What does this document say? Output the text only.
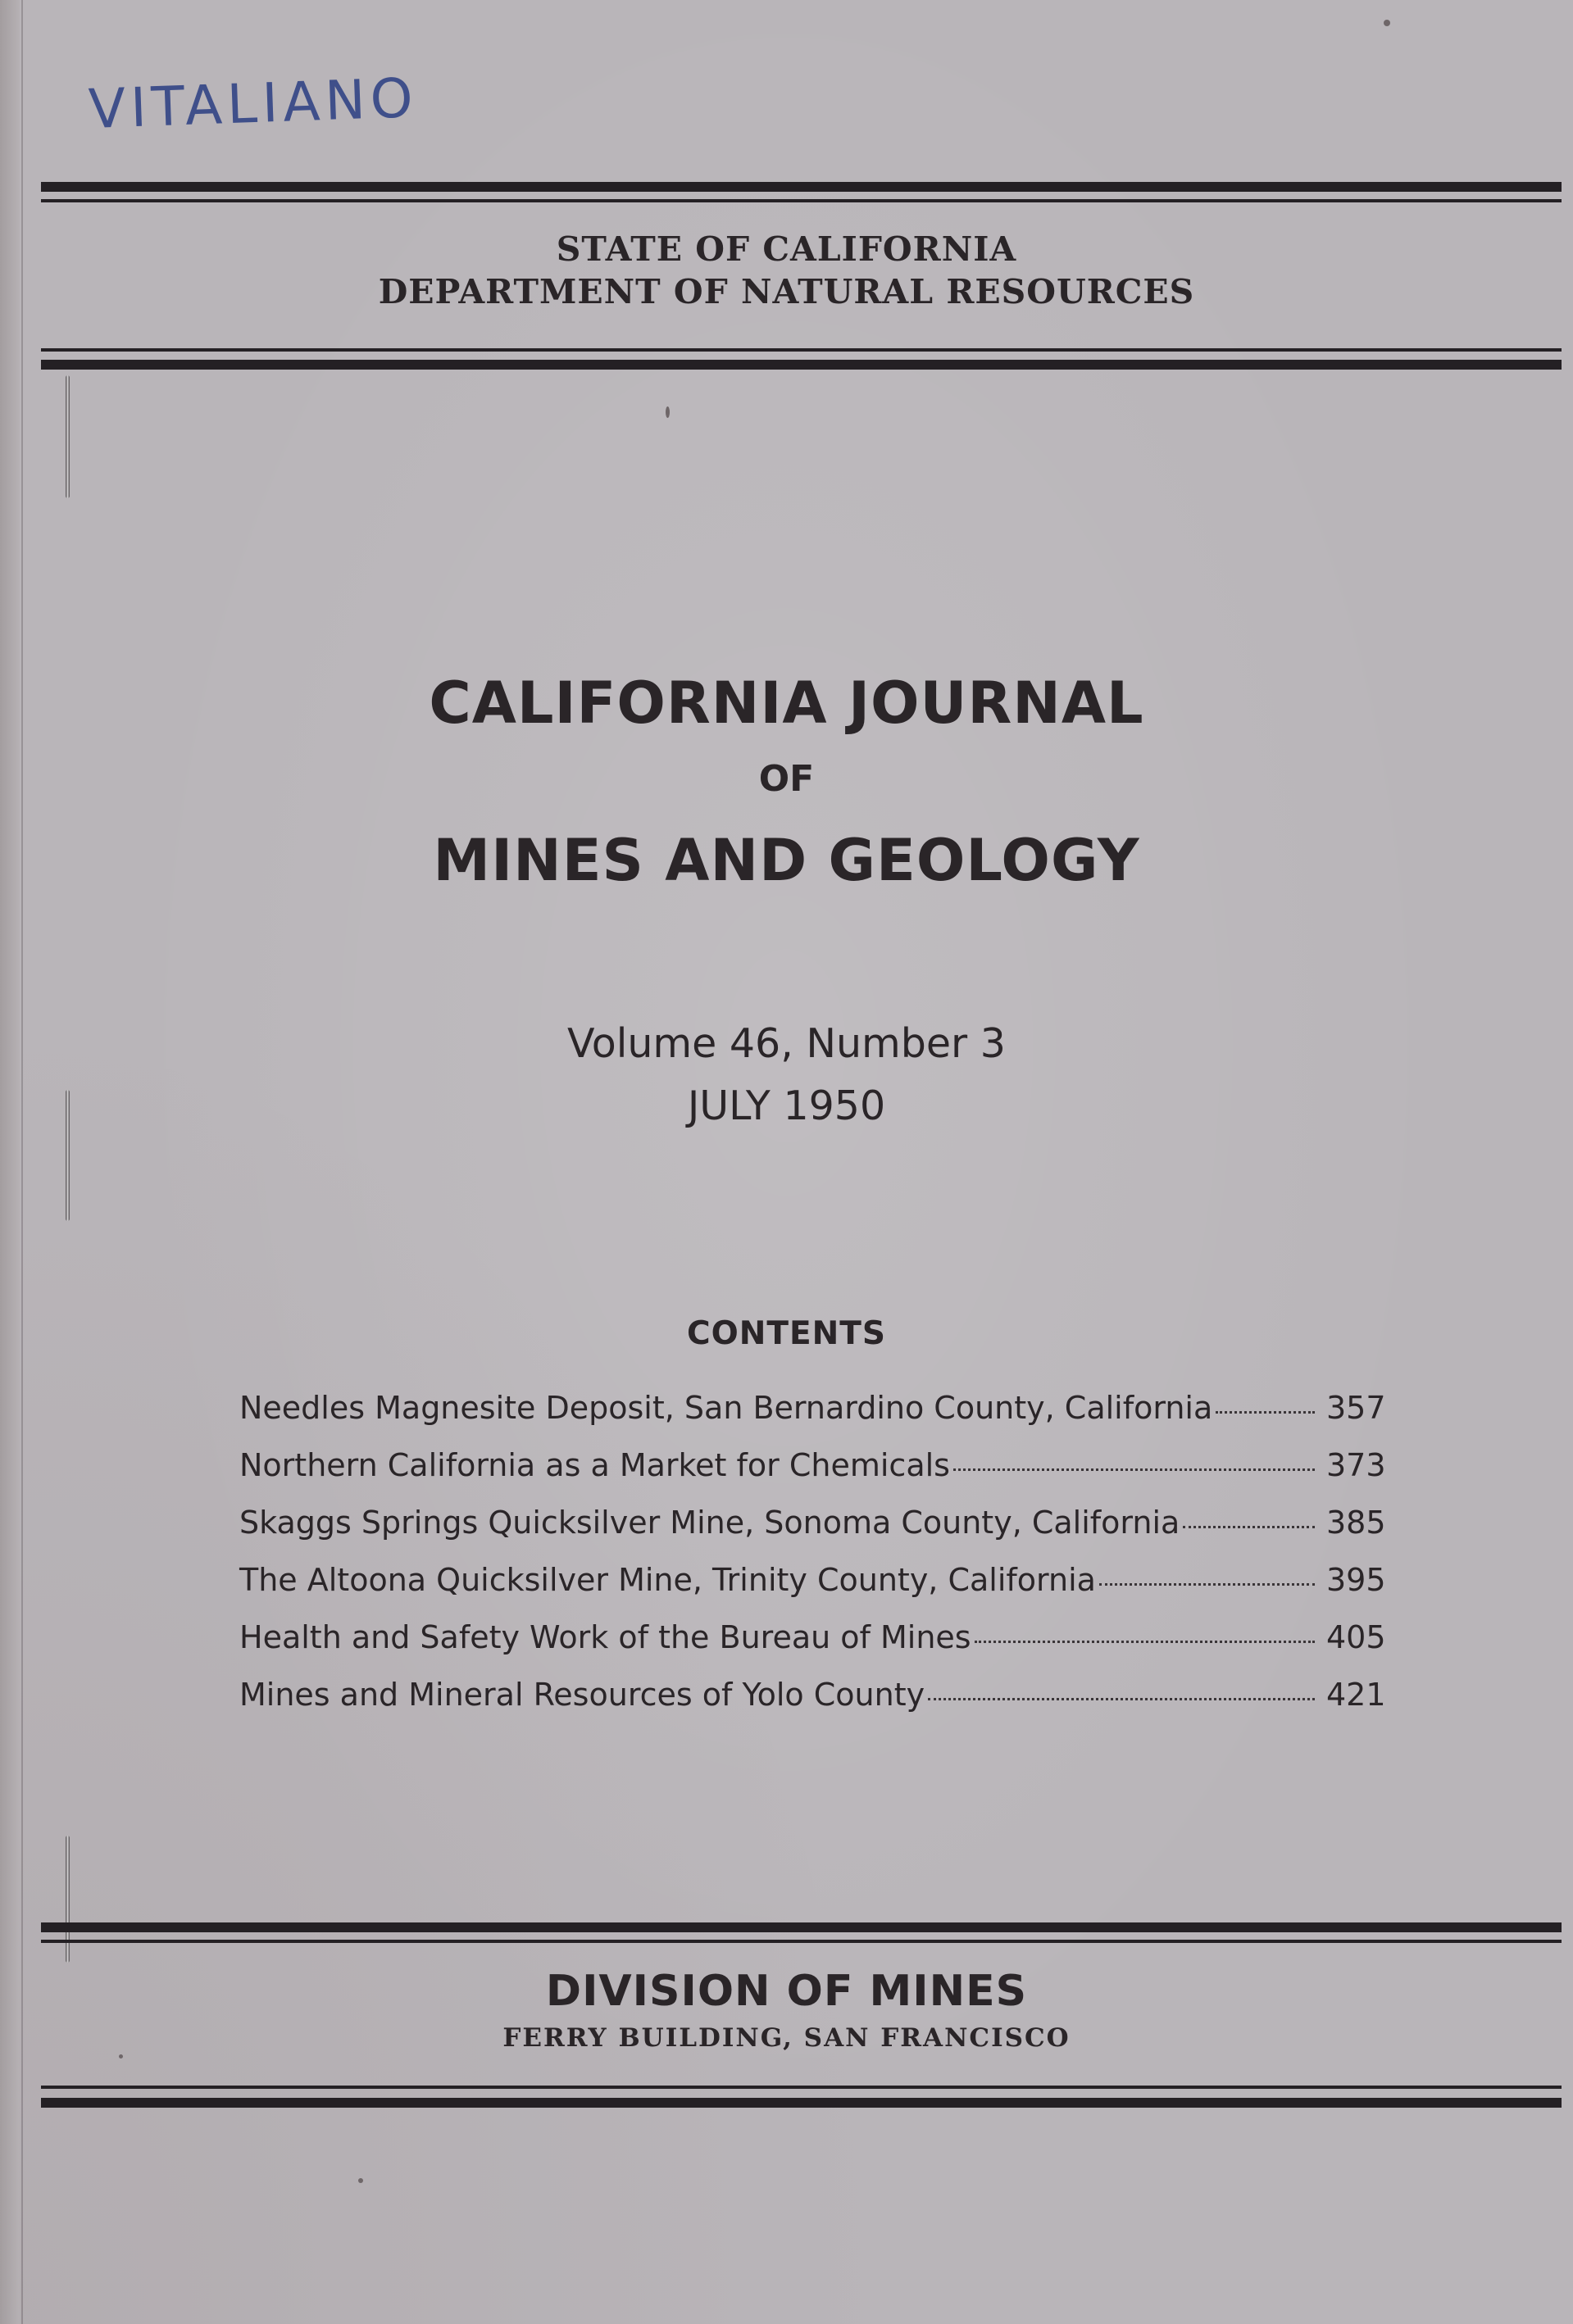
VITALIANO

STATE OF CALIFORNIA

DEPARTMENT OF NATURAL RESOURCES

CALIFORNIA JOURNAL
OF
MINES AND GEOLOGY
Volume 46, Number 3
JULY 1950
CONTENTS
Needles Magnesite Deposit, San Bernardino County, California	357
Northern California as a Market for Chemicals	373
Skaggs Springs Quicksilver Mine, Sonoma County, California	385
The Altoona Quicksilver Mine, Trinity County, California	395
Health and Safety Work of the Bureau of Mines	405
Mines and Mineral Resources of Yolo County	421
DIVISION OF MINES
FERRY BUILDING, SAN FRANCISCO
